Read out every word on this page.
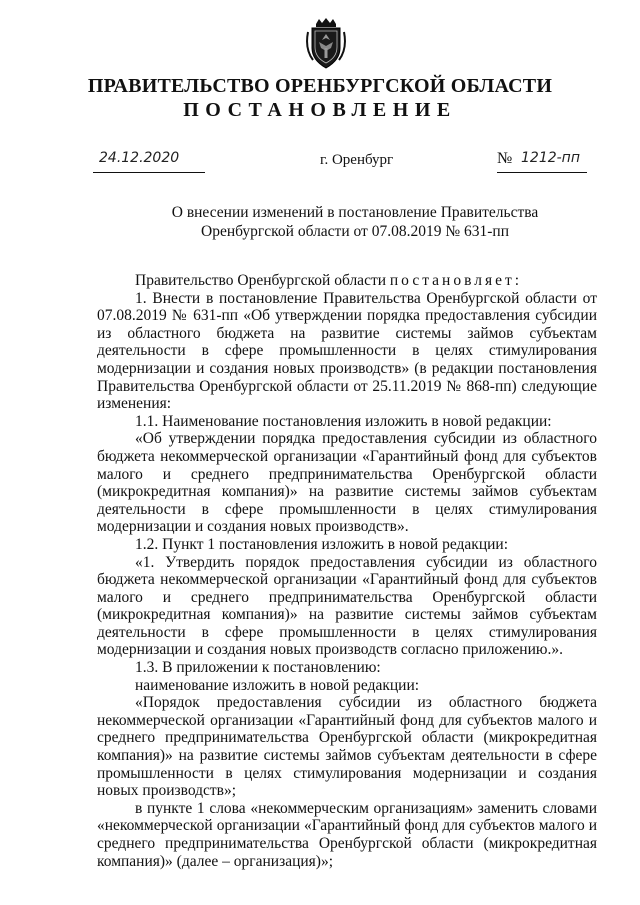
ПРАВИТЕЛЬСТВО ОРЕНБУРГСКОЙ ОБЛАСТИ
ПОСТАНОВЛЕНИЕ
24.12.2020	г. Оренбург	№ 1212-пп
О внесении изменений в постановление Правительства
Оренбургской области от 07.08.2019 № 631-пп

Правительство Оренбургской области постановляет:

1. Внести в постановление Правительства Оренбургской области от 07.08.2019 № 631-пп «Об утверждении порядка предоставления субсидии из областного бюджета на развитие системы займов субъектам деятельности в сфере промышленности в целях стимулирования модернизации и создания новых производств» (в редакции постановления Правительства Оренбургской области от 25.11.2019 № 868-пп) следующие изменения:

1.1. Наименование постановления изложить в новой редакции:

«Об утверждении порядка предоставления субсидии из областного бюджета некоммерческой организации «Гарантийный фонд для субъектов малого и среднего предпринимательства Оренбургской области (микрокредитная компания)» на развитие системы займов субъектам деятельности в сфере промышленности в целях стимулирования модернизации и создания новых производств».

1.2. Пункт 1 постановления изложить в новой редакции:

«1. Утвердить порядок предоставления субсидии из областного бюджета некоммерческой организации «Гарантийный фонд для субъектов малого и среднего предпринимательства Оренбургской области (микрокредитная компания)» на развитие системы займов субъектам деятельности в сфере промышленности в целях стимулирования модернизации и создания новых производств согласно приложению.».

1.3. В приложении к постановлению:

наименование изложить в новой редакции:

«Порядок предоставления субсидии из областного бюджета некоммерческой организации «Гарантийный фонд для субъектов малого и среднего предпринимательства Оренбургской области (микрокредитная компания)» на развитие системы займов субъектам деятельности в сфере промышленности в целях стимулирования модернизации и создания новых производств»;

в пункте 1 слова «некоммерческим организациям» заменить словами «некоммерческой организации «Гарантийный фонд для субъектов малого и среднего предпринимательства Оренбургской области (микрокредитная компания)» (далее – организация)»;
